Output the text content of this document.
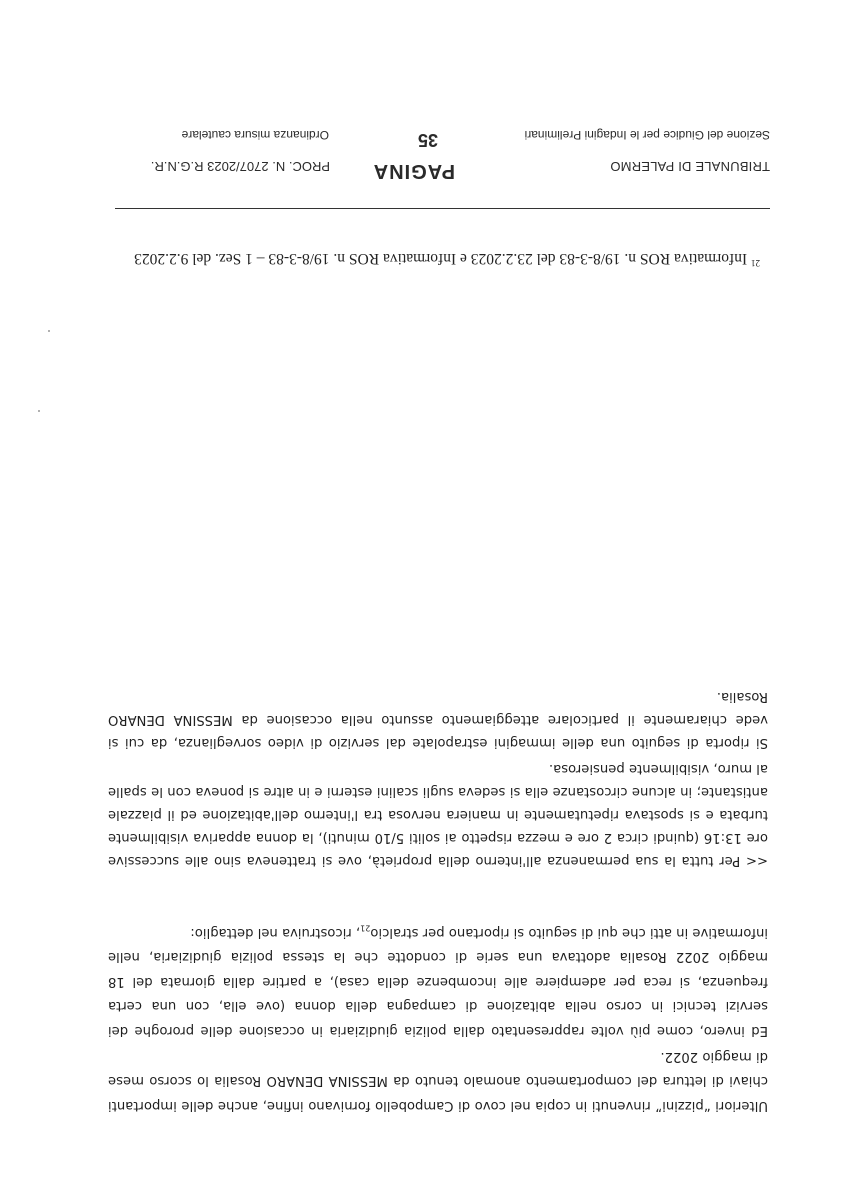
TRIBUNALE DI PALERMO
Sezione del Giudice per le Indagini Preliminari
PAGINA
35
PROC. N. 2707/2023 R.G.N.R.
Ordinanza misura cautelare
$^{21}$ Informativa ROS n. 19/8-3-83 del 23.2.2023 e Informativa ROS n. 19/8-3-83 – 1 Sez. del 9.2.2023

Ulteriori “pizzini” rinvenuti in copia nel covo di Campobello fornivano infine, anche delle importanti chiavi di lettura del comportamento anomalo tenuto da MESSINA DENARO Rosalia lo scorso mese di maggio 2022.

Ed invero, come più volte rappresentato dalla polizia giudiziaria in occasione delle proroghe dei servizi tecnici in corso nella abitazione di campagna della donna (ove ella, con una certa frequenza, si reca per adempiere alle incombenze della casa), a partire dalla giornata del 18 maggio 2022 Rosalia adottava una serie di condotte che la stessa polizia giudiziaria, nelle informative in atti che qui di seguito si riportano per stralcio$_{21}$, ricostruiva nel dettaglio:

<< Per tutta la sua permanenza all'interno della proprietà, ove si tratteneva sino alle successive ore 13:16 (quindi circa 2 ore e mezza rispetto ai soliti 5/10 minuti), la donna appariva visibilmente turbata e si spostava ripetutamente in maniera nervosa tra l'interno dell'abitazione ed il piazzale antistante; in alcune circostanze ella si sedeva sugli scalini esterni e in altre si poneva con le spalle al muro, visibilmente pensierosa.

Si riporta di seguito una delle immagini estrapolate dal servizio di video sorveglianza, da cui si vede chiaramente il particolare atteggiamento assunto nella occasione da MESSINA DENARO Rosalia.
